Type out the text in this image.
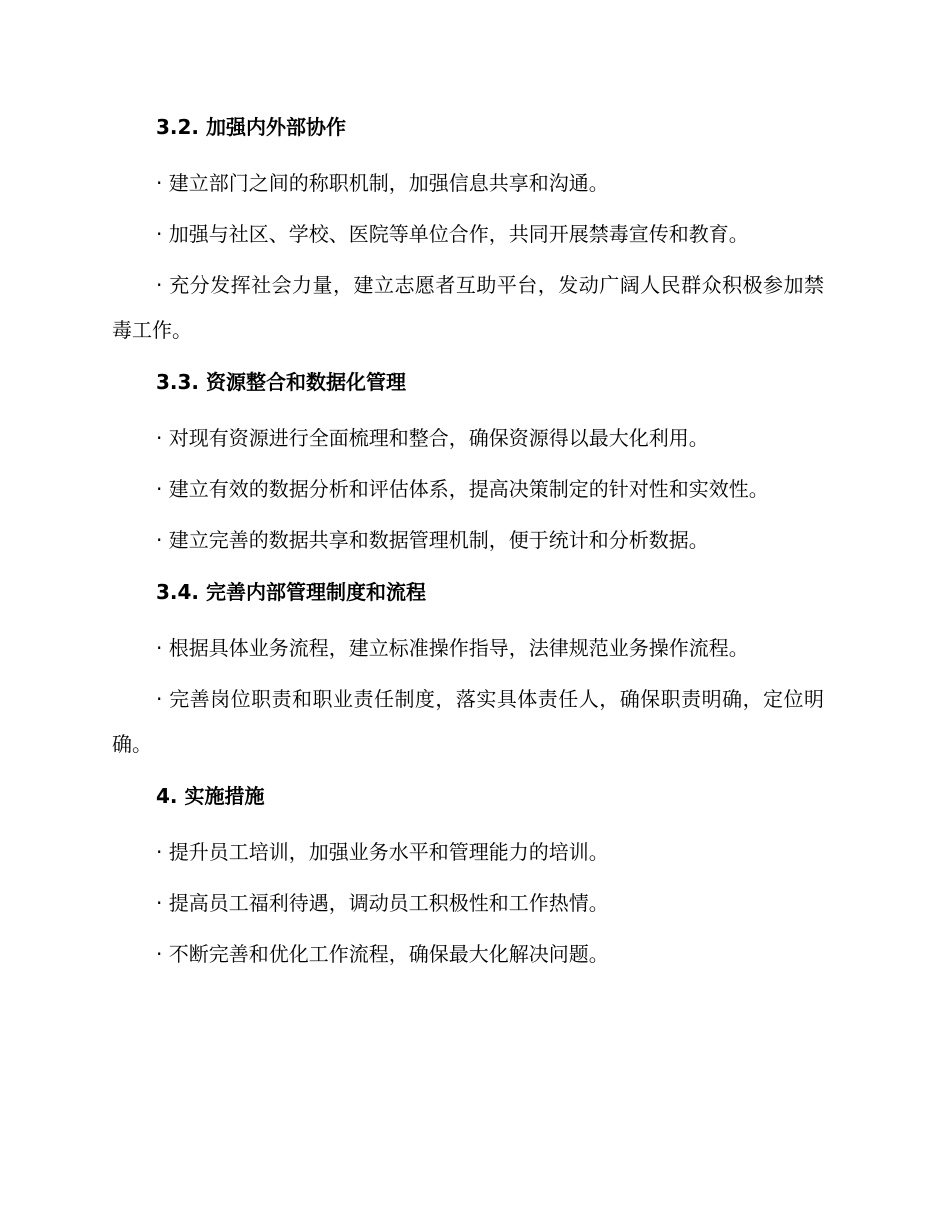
3.2. 加强内外部协作

· 建立部门之间的称职机制，加强信息共享和沟通。

· 加强与社区、学校、医院等单位合作，共同开展禁毒宣传和教育。

· 充分发挥社会力量，建立志愿者互助平台，发动广阔人民群众积极参加禁毒工作。

3.3. 资源整合和数据化管理

· 对现有资源进行全面梳理和整合，确保资源得以最大化利用。

· 建立有效的数据分析和评估体系，提高决策制定的针对性和实效性。

· 建立完善的数据共享和数据管理机制，便于统计和分析数据。

3.4. 完善内部管理制度和流程

· 根据具体业务流程，建立标准操作指导，法律规范业务操作流程。

· 完善岗位职责和职业责任制度，落实具体责任人，确保职责明确，定位明确。

4. 实施措施

· 提升员工培训，加强业务水平和管理能力的培训。

· 提高员工福利待遇，调动员工积极性和工作热情。

· 不断完善和优化工作流程，确保最大化解决问题。
